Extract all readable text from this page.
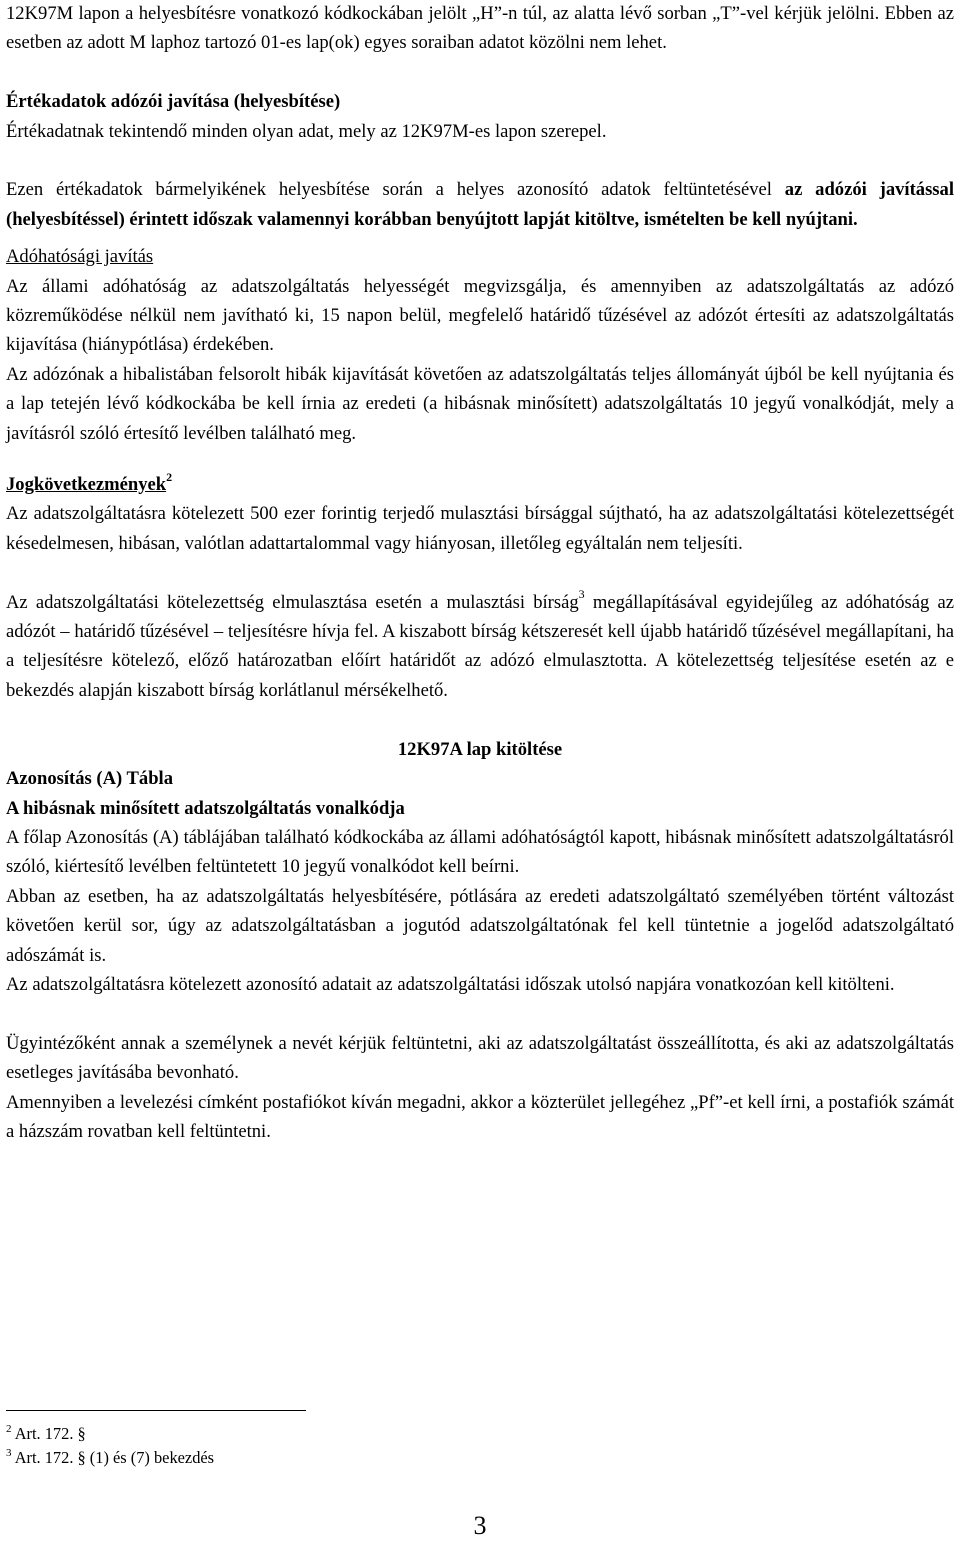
12K97M lapon a helyesbítésre vonatkozó kódkockában jelölt „H”-n túl, az alatta lévő sorban „T”-vel kérjük jelölni. Ebben az esetben az adott M laphoz tartozó 01-es lap(ok) egyes soraiban adatot közölni nem lehet.

Értékadatok adózói javítása (helyesbítése)

Értékadatnak tekintendő minden olyan adat, mely az 12K97M-es lapon szerepel.

Ezen értékadatok bármelyikének helyesbítése során a helyes azonosító adatok feltüntetésével az adózói javítással (helyesbítéssel) érintett időszak valamennyi korábban benyújtott lapját kitöltve, ismételten be kell nyújtani.

Adóhatósági javítás

Az állami adóhatóság az adatszolgáltatás helyességét megvizsgálja, és amennyiben az adatszolgáltatás az adózó közreműködése nélkül nem javítható ki, 15 napon belül, megfelelő határidő tűzésével az adózót értesíti az adatszolgáltatás kijavítása (hiánypótlása) érdekében.

Az adózónak a hibalistában felsorolt hibák kijavítását követően az adatszolgáltatás teljes állományát újból be kell nyújtania és a lap tetején lévő kódkockába be kell írnia az eredeti (a hibásnak minősített) adatszolgáltatás 10 jegyű vonalkódját, mely a javításról szóló értesítő levélben található meg.

Jogkövetkezmények$^2$

Az adatszolgáltatásra kötelezett 500 ezer forintig terjedő mulasztási bírsággal sújtható, ha az adatszolgáltatási kötelezettségét késedelmesen, hibásan, valótlan adattartalommal vagy hiányosan, illetőleg egyáltalán nem teljesíti.

Az adatszolgáltatási kötelezettség elmulasztása esetén a mulasztási bírság$^3$ megállapításával egyidejűleg az adóhatóság az adózót – határidő tűzésével – teljesítésre hívja fel. A kiszabott bírság kétszeresét kell újabb határidő tűzésével megállapítani, ha a teljesítésre kötelező, előző határozatban előírt határidőt az adózó elmulasztotta. A kötelezettség teljesítése esetén az e bekezdés alapján kiszabott bírság korlátlanul mérsékelhető.

12K97A lap kitöltése

Azonosítás (A) Tábla

A hibásnak minősített adatszolgáltatás vonalkódja

A főlap Azonosítás (A) táblájában található kódkockába az állami adóhatóságtól kapott, hibásnak minősített adatszolgáltatásról szóló, kiértesítő levélben feltüntetett 10 jegyű vonalkódot kell beírni.

Abban az esetben, ha az adatszolgáltatás helyesbítésére, pótlására az eredeti adatszolgáltató személyében történt változást követően kerül sor, úgy az adatszolgáltatásban a jogutód adatszolgáltatónak fel kell tüntetnie a jogelőd adatszolgáltató adószámát is.

Az adatszolgáltatásra kötelezett azonosító adatait az adatszolgáltatási időszak utolsó napjára vonatkozóan kell kitölteni.

Ügyintézőként annak a személynek a nevét kérjük feltüntetni, aki az adatszolgáltatást összeállította, és aki az adatszolgáltatás esetleges javításába bevonható.

Amennyiben a levelezési címként postafiókot kíván megadni, akkor a közterület jellegéhez „Pf”-et kell írni, a postafiók számát a házszám rovatban kell feltüntetni.

$^2$ Art. 172. §

$^3$ Art. 172. § (1) és (7) bekezdés

3
